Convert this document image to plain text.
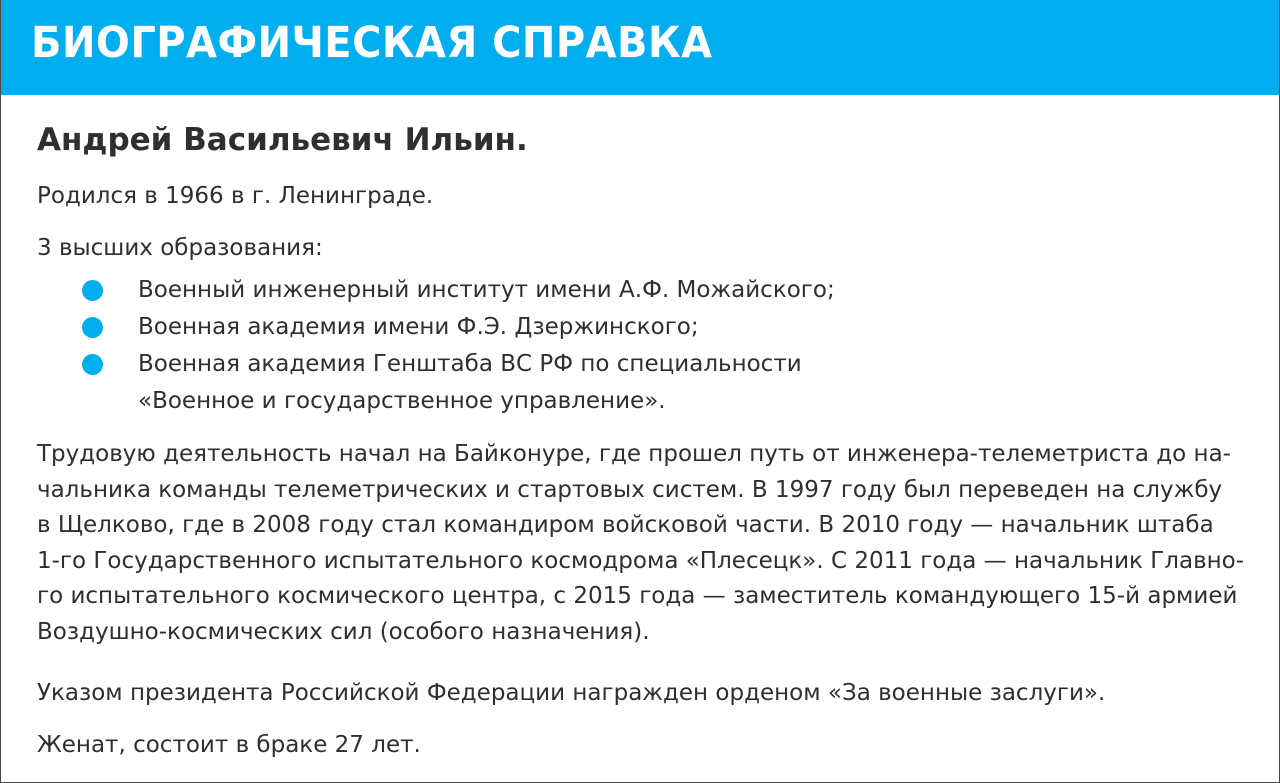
БИОГРАФИЧЕСКАЯ СПРАВКА
Андрей Васильевич Ильин.
Родился в 1966 в г. Ленинграде.
3 высших образования:
Военный инженерный институт имени А.Ф. Можайского;
Военная академия имени Ф.Э. Дзержинского;
Военная академия Генштаба ВС РФ по специальности
«Военное и государственное управление».
Трудовую деятельность начал на Байконуре, где прошел путь от инженера-телеметриста до на-
чальника команды телеметрических и стартовых систем. В 1997 году был переведен на службу
в Щелково, где в 2008 году стал командиром войсковой части. В 2010 году — начальник штаба
1-го Государственного испытательного космодрома «Плесецк». С 2011 года — начальник Главно-
го испытательного космического центра, с 2015 года — заместитель командующего 15-й армией
Воздушно-космических сил (особого назначения).
Указом президента Российской Федерации награжден орденом «За военные заслуги».
Женат, состоит в браке 27 лет.
